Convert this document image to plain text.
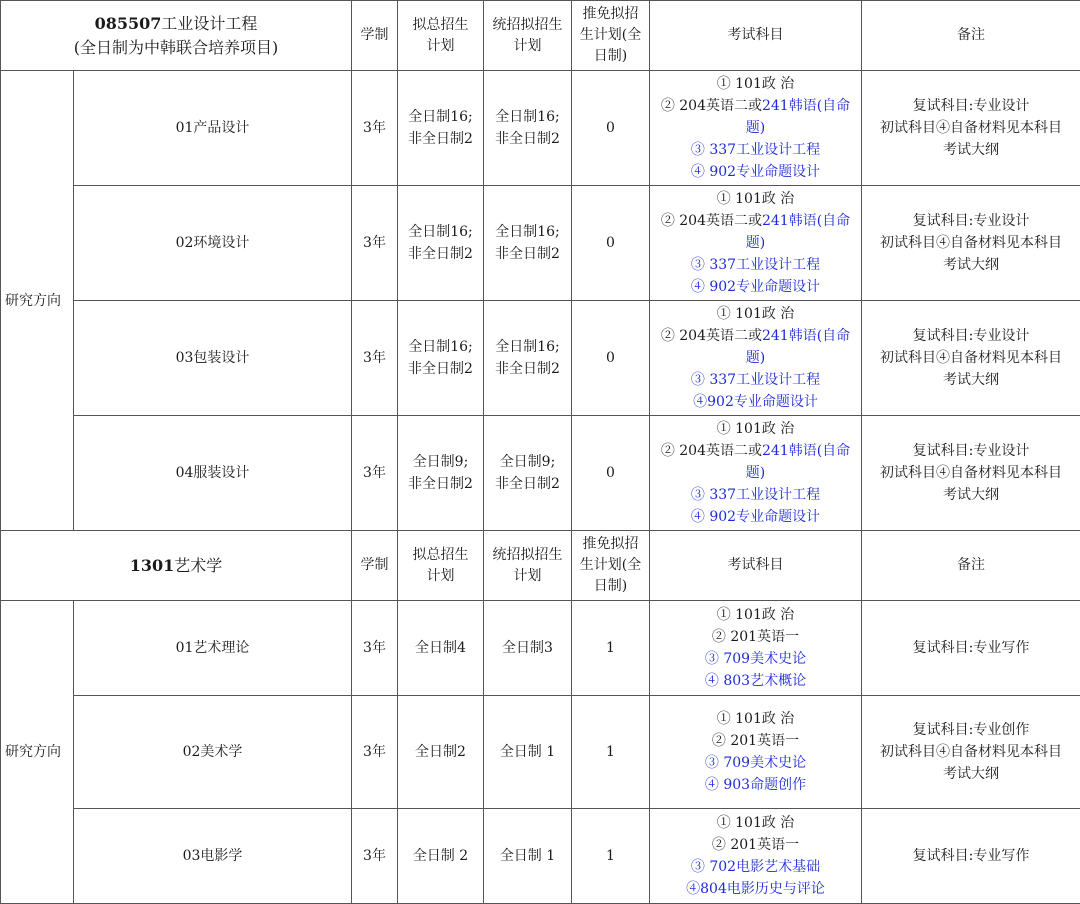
085507工业设计工程
(全日制为中韩联合培养项目)		学制	拟总招生
计划	统招拟招生
计划	推免拟招
生计划(全
日制)	考试科目	备注
研究方向	01产品设计	3年	全日制16;
非全日制2	全日制16;
非全日制2	0	① 101政 治
② 204英语二或241韩语(自命
题)
③ 337工业设计工程
④ 902专业命题设计	复试科目:专业设计
初试科目④自备材料见本科目
考试大纲

	02环境设计	3年	全日制16;
非全日制2	全日制16;
非全日制2	0	① 101政 治
② 204英语二或241韩语(自命
题)
③ 337工业设计工程
④ 902专业命题设计	复试科目:专业设计
初试科目④自备材料见本科目
考试大纲

	03包装设计	3年	全日制16;
非全日制2	全日制16;
非全日制2	0	① 101政 治
② 204英语二或241韩语(自命
题)
③ 337工业设计工程
④902专业命题设计	复试科目:专业设计
初试科目④自备材料见本科目
考试大纲

	04服装设计	3年	全日制9;
非全日制2	全日制9;
非全日制2	0	① 101政 治
② 204英语二或241韩语(自命
题)
③ 337工业设计工程
④ 902专业命题设计	复试科目:专业设计
初试科目④自备材料见本科目
考试大纲

1301艺术学		学制	拟总招生
计划	统招拟招生
计划	推免拟招
生计划(全
日制)	考试科目	备注
研究方向	01艺术理论	3年	全日制4	全日制3	1	① 101政 治
② 201英语一
③ 709美术史论
④ 803艺术概论	复试科目:专业写作

	02美术学	3年	全日制2	全日制 1	1	① 101政 治
② 201英语一
③ 709美术史论
④ 903命题创作	复试科目:专业创作
初试科目④自备材料见本科目
考试大纲

	03电影学	3年	全日制 2	全日制 1	1	① 101政 治
② 201英语一
③ 702电影艺术基础
④804电影历史与评论	复试科目:专业写作
